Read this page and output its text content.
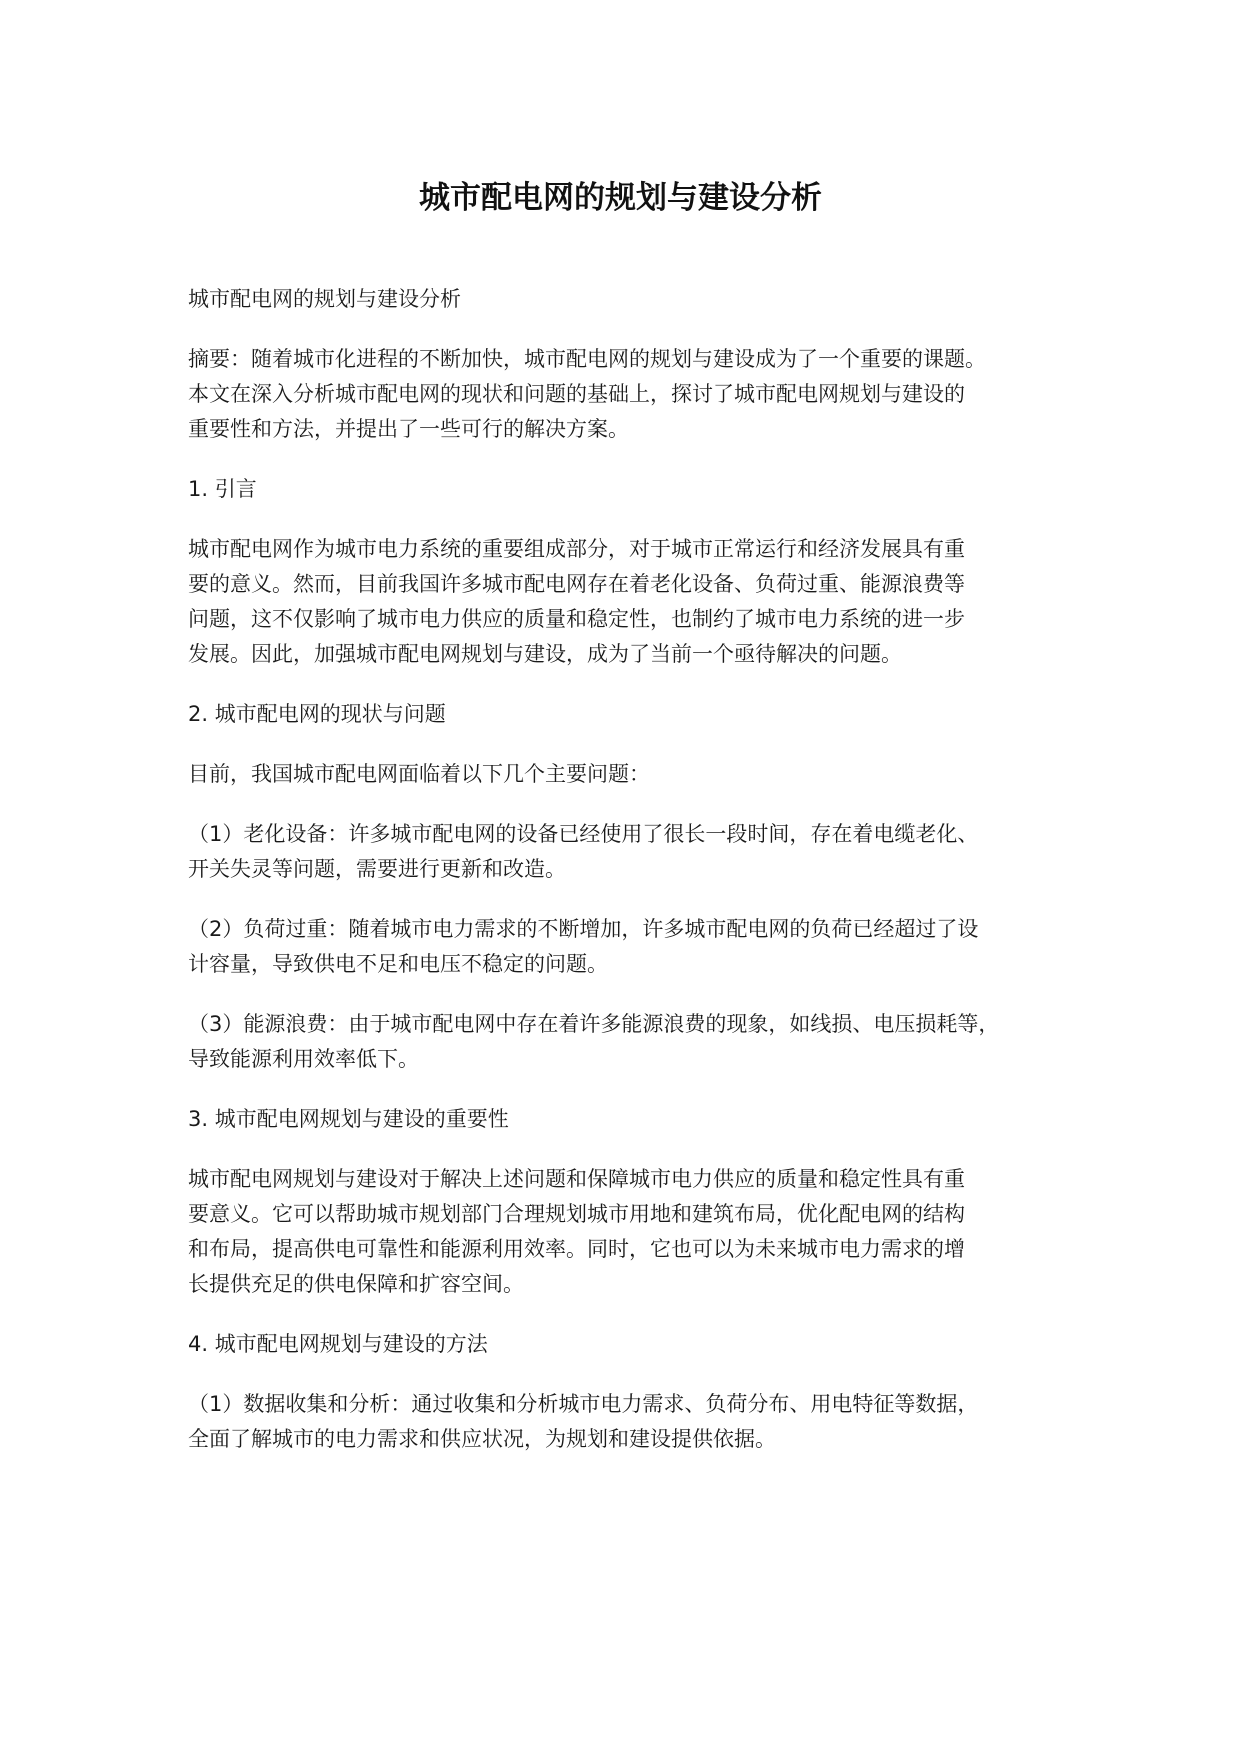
城市配电网的规划与建设分析

城市配电网的规划与建设分析

摘要：随着城市化进程的不断加快，城市配电网的规划与建设成为了一个重要的课题。

本文在深入分析城市配电网的现状和问题的基础上，探讨了城市配电网规划与建设的

重要性和方法，并提出了一些可行的解决方案。

1. 引言

城市配电网作为城市电力系统的重要组成部分，对于城市正常运行和经济发展具有重

要的意义。然而，目前我国许多城市配电网存在着老化设备、负荷过重、能源浪费等

问题，这不仅影响了城市电力供应的质量和稳定性，也制约了城市电力系统的进一步

发展。因此，加强城市配电网规划与建设，成为了当前一个亟待解决的问题。

2. 城市配电网的现状与问题

目前，我国城市配电网面临着以下几个主要问题：

（1）老化设备：许多城市配电网的设备已经使用了很长一段时间，存在着电缆老化、

开关失灵等问题，需要进行更新和改造。

（2）负荷过重：随着城市电力需求的不断增加，许多城市配电网的负荷已经超过了设

计容量，导致供电不足和电压不稳定的问题。

（3）能源浪费：由于城市配电网中存在着许多能源浪费的现象，如线损、电压损耗等，

导致能源利用效率低下。

3. 城市配电网规划与建设的重要性

城市配电网规划与建设对于解决上述问题和保障城市电力供应的质量和稳定性具有重

要意义。它可以帮助城市规划部门合理规划城市用地和建筑布局，优化配电网的结构

和布局，提高供电可靠性和能源利用效率。同时，它也可以为未来城市电力需求的增

长提供充足的供电保障和扩容空间。

4. 城市配电网规划与建设的方法

（1）数据收集和分析：通过收集和分析城市电力需求、负荷分布、用电特征等数据，

全面了解城市的电力需求和供应状况，为规划和建设提供依据。
